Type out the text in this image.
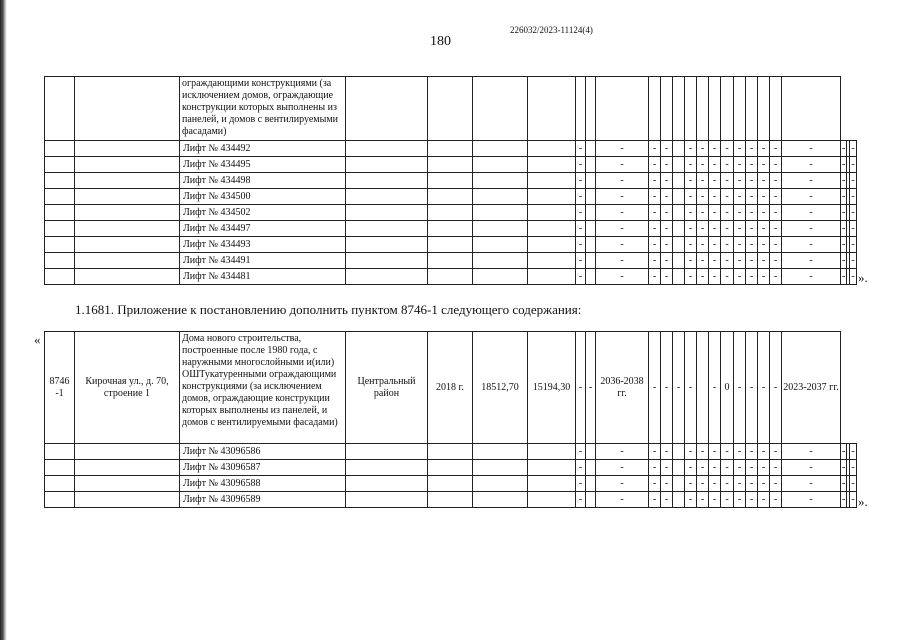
226032/2023-11124(4)
180
		ограждающими конструкциями (за исключением домов, ограждающие конструкции которых выполнены из панелей, и домов с вентилируемыми фасадами)																						
		Лифт № 434492					-		-	-	-		-	-	-	-	-	-	-	-	-	-		-
		Лифт № 434495					-		-	-	-		-	-	-	-	-	-	-	-	-	-		-
		Лифт № 434498					-		-	-	-		-	-	-	-	-	-	-	-	-	-		-
		Лифт № 434500					-		-	-	-		-	-	-	-	-	-	-	-	-	-		-
		Лифт № 434502					-		-	-	-		-	-	-	-	-	-	-	-	-	-		-
		Лифт № 434497					-		-	-	-		-	-	-	-	-	-	-	-	-	-		-
		Лифт № 434493					-		-	-	-		-	-	-	-	-	-	-	-	-	-		-
		Лифт № 434491					-		-	-	-		-	-	-	-	-	-	-	-	-	-		-
		Лифт № 434481					-		-	-	-		-	-	-	-	-	-	-	-	-	-		- ».
1.1681. Приложение к постановлению дополнить пунктом 8746-1 следующего содержания:
«
8746 -1	Кирочная ул., д. 70, строение 1	Дома нового строительства, построенные после 1980 года, с наружными многослойными и(или) ОШТукатуренными ограждающими конструкциями (за исключением домов, ограждающие конструкции которых выполнены из панелей, и домов с вентилируемыми фасадами)	Центральный район	2018 г.	18512,70	15194,30	-	-	2036-2038 гг.	-	-	-	-		-	0	-	-	-	-	2023-2037 гг.			
		Лифт № 43096586					-		-	-	-		-	-	-	-	-	-	-	-	-	-		-
		Лифт № 43096587					-		-	-	-		-	-	-	-	-	-	-	-	-	-		-
		Лифт № 43096588					-		-	-	-		-	-	-	-	-	-	-	-	-	-		-
		Лифт № 43096589					-		-	-	-		-	-	-	-	-	-	-	-	-	-		- ».
